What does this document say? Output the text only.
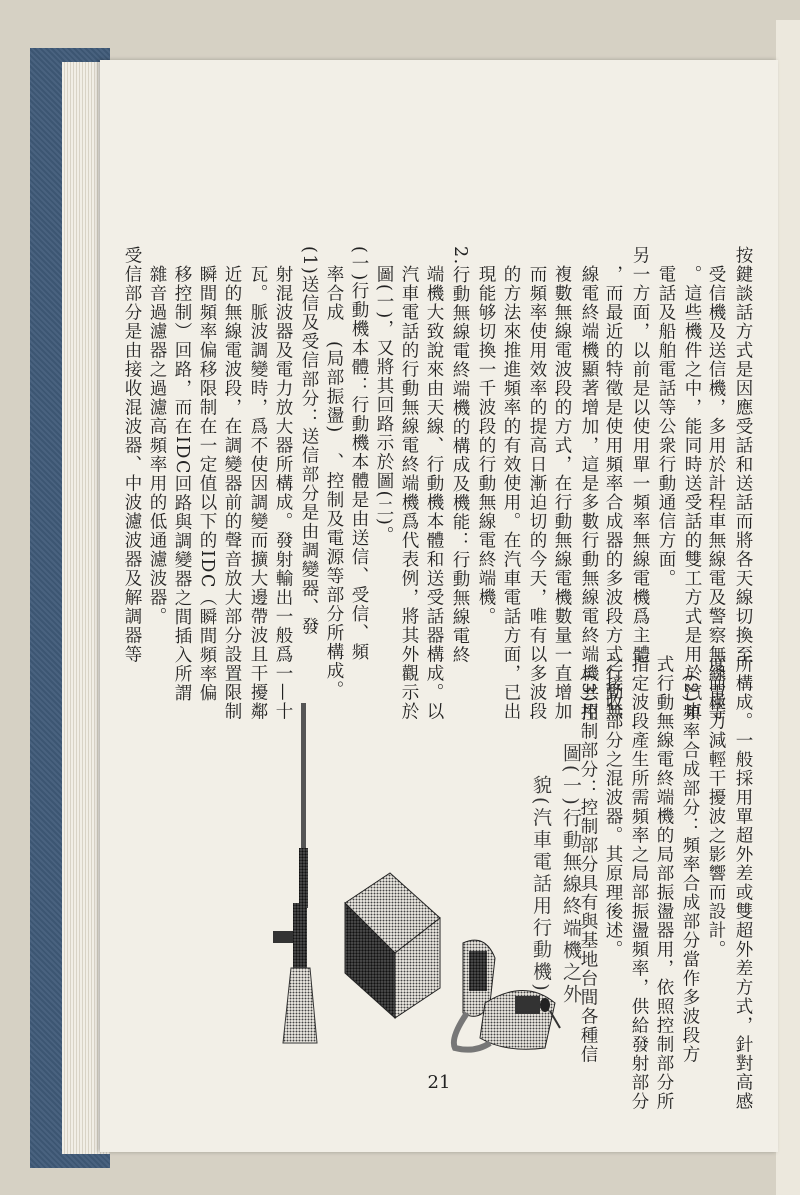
按鍵談話方式是因應受話和送話而將各天線切換至
受信機及送信機，多用於計程車無線電及警察無線電等
。這些機件之中，能同時送受話的雙工方式是用於汽車
電話及船舶電話等公衆行動通信方面。
另一方面，以前是以使用單一頻率無線電機爲主體
，而最近的特徵是使用頻率合成器的多波段方式行動無
線電終端機顯著增加，這是多數行動無線電終端機共用
複數無線電波段的方式，在行動無線電機數量一直增加
而頻率使用效率的提高日漸迫切的今天，唯有以多波段
的方法來推進頻率的有效使用。在汽車電話方面，已出
現能够切換一千波段的行動無線電終端機。
2.行動無線電終端機的構成及機能：行動無線電終
端機大致說來由天線、行動機本體和送受話器構成。以
汽車電話的行動無線電終端機爲代表例，將其外觀示於
圖(一)，又將其回路示於圖(二)。
(一)行動機本體：行動機本體是由送信、受信、頻
率合成　(局部振盪)　、控制及電源等部分所構成。
(1)送信及受信部分：送信部分是由調變器、發
射混波器及電力放大器所構成。發射輸出一般爲一—十
瓦。脈波調變時，爲不使因調變而擴大邊帶波且干擾鄰
近的無線電波段，在調變器前的聲音放大部分設置限制
瞬間頻率偏移限制在一定值以下的IDC（瞬間頻率偏
移控制）回路，而在IDC回路與調變器之間插入所謂
雜音過濾器之過濾高頻率用的低通濾波器。
受信部分是由接收混波器、中波濾波器及解調器等
所構成。一般採用單超外差或雙超外差方式，針對高感
度而極力減輕干擾波之影響而設計。
(2)頻率合成部分：頻率合成部分當作多波段方
式行動無線電終端機的局部振盪器用，依照控制部分所
指定波段產生所需頻率之局部振盪頻率，供給發射部分
之接收部分之混波器。其原理後述。
(3)控制部分：控制部分具有與基地台間各種信
圖(一)行動無線終端機之外
貌(汽車電話用行動機)
21
